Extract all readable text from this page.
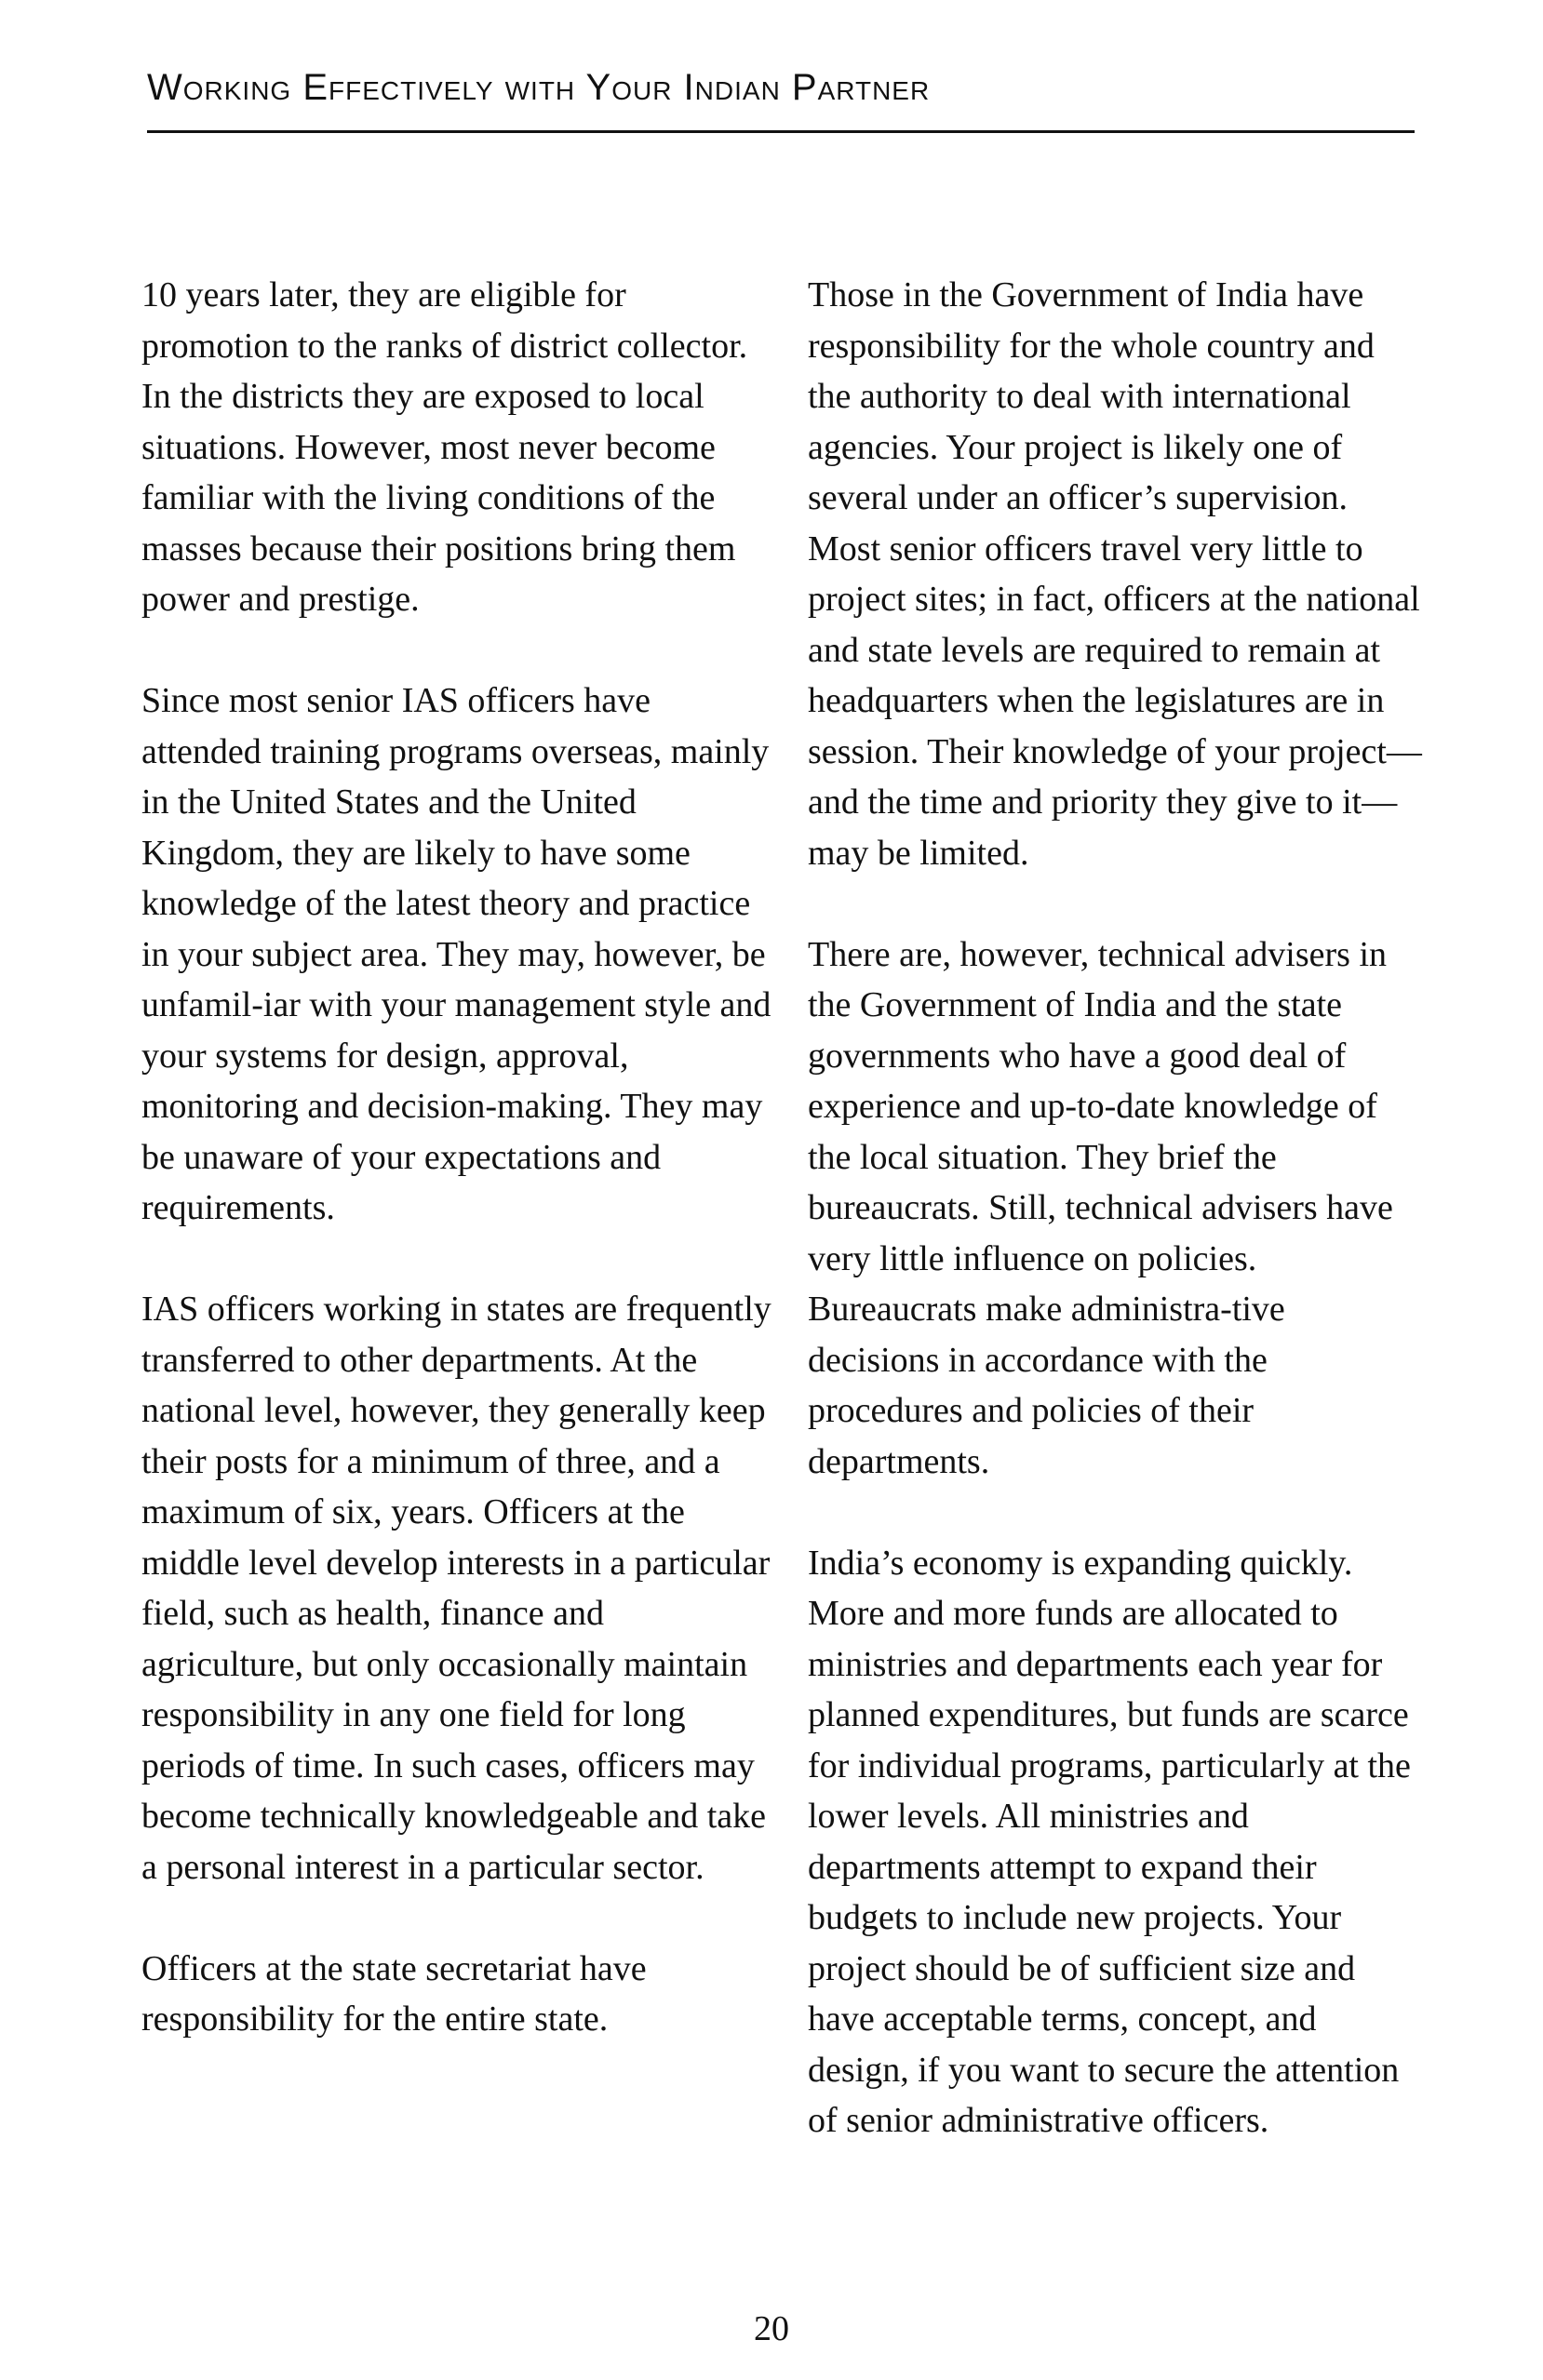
Working Effectively with Your Indian Partner

10 years later, they are eligible for promotion to the ranks of district collector. In the districts they are exposed to local situations. However, most never become familiar with the living conditions of the masses because their positions bring them power and prestige.

Since most senior IAS officers have attended training programs overseas, mainly in the United States and the United Kingdom, they are likely to have some knowledge of the latest theory and practice in your subject area. They may, however, be unfamil-iar with your management style and your systems for design, approval, monitoring and decision-making. They may be unaware of your expectations and requirements.

IAS officers working in states are frequently transferred to other departments. At the national level, however, they generally keep their posts for a minimum of three, and a maximum of six, years. Officers at the middle level develop interests in a particular field, such as health, finance and agriculture, but only occasionally maintain responsibility in any one field for long periods of time. In such cases, officers may become technically knowledgeable and take a personal interest in a particular sector.

Officers at the state secretariat have responsibility for the entire state.

Those in the Government of India have responsibility for the whole country and the authority to deal with international agencies. Your project is likely one of several under an officer’s supervision. Most senior officers travel very little to project sites; in fact, officers at the national and state levels are required to remain at headquarters when the legislatures are in session. Their knowledge of your project—and the time and priority they give to it—may be limited.

There are, however, technical advisers in the Government of India and the state governments who have a good deal of experience and up-to-date knowledge of the local situation. They brief the bureaucrats. Still, technical advisers have very little influence on policies. Bureaucrats make administra-tive decisions in accordance with the procedures and policies of their departments.

India’s economy is expanding quickly. More and more funds are allocated to ministries and departments each year for planned expenditures, but funds are scarce for individual programs, particularly at the lower levels. All ministries and departments attempt to expand their budgets to include new projects. Your project should be of sufficient size and have acceptable terms, concept, and design, if you want to secure the attention of senior administrative officers.

20
